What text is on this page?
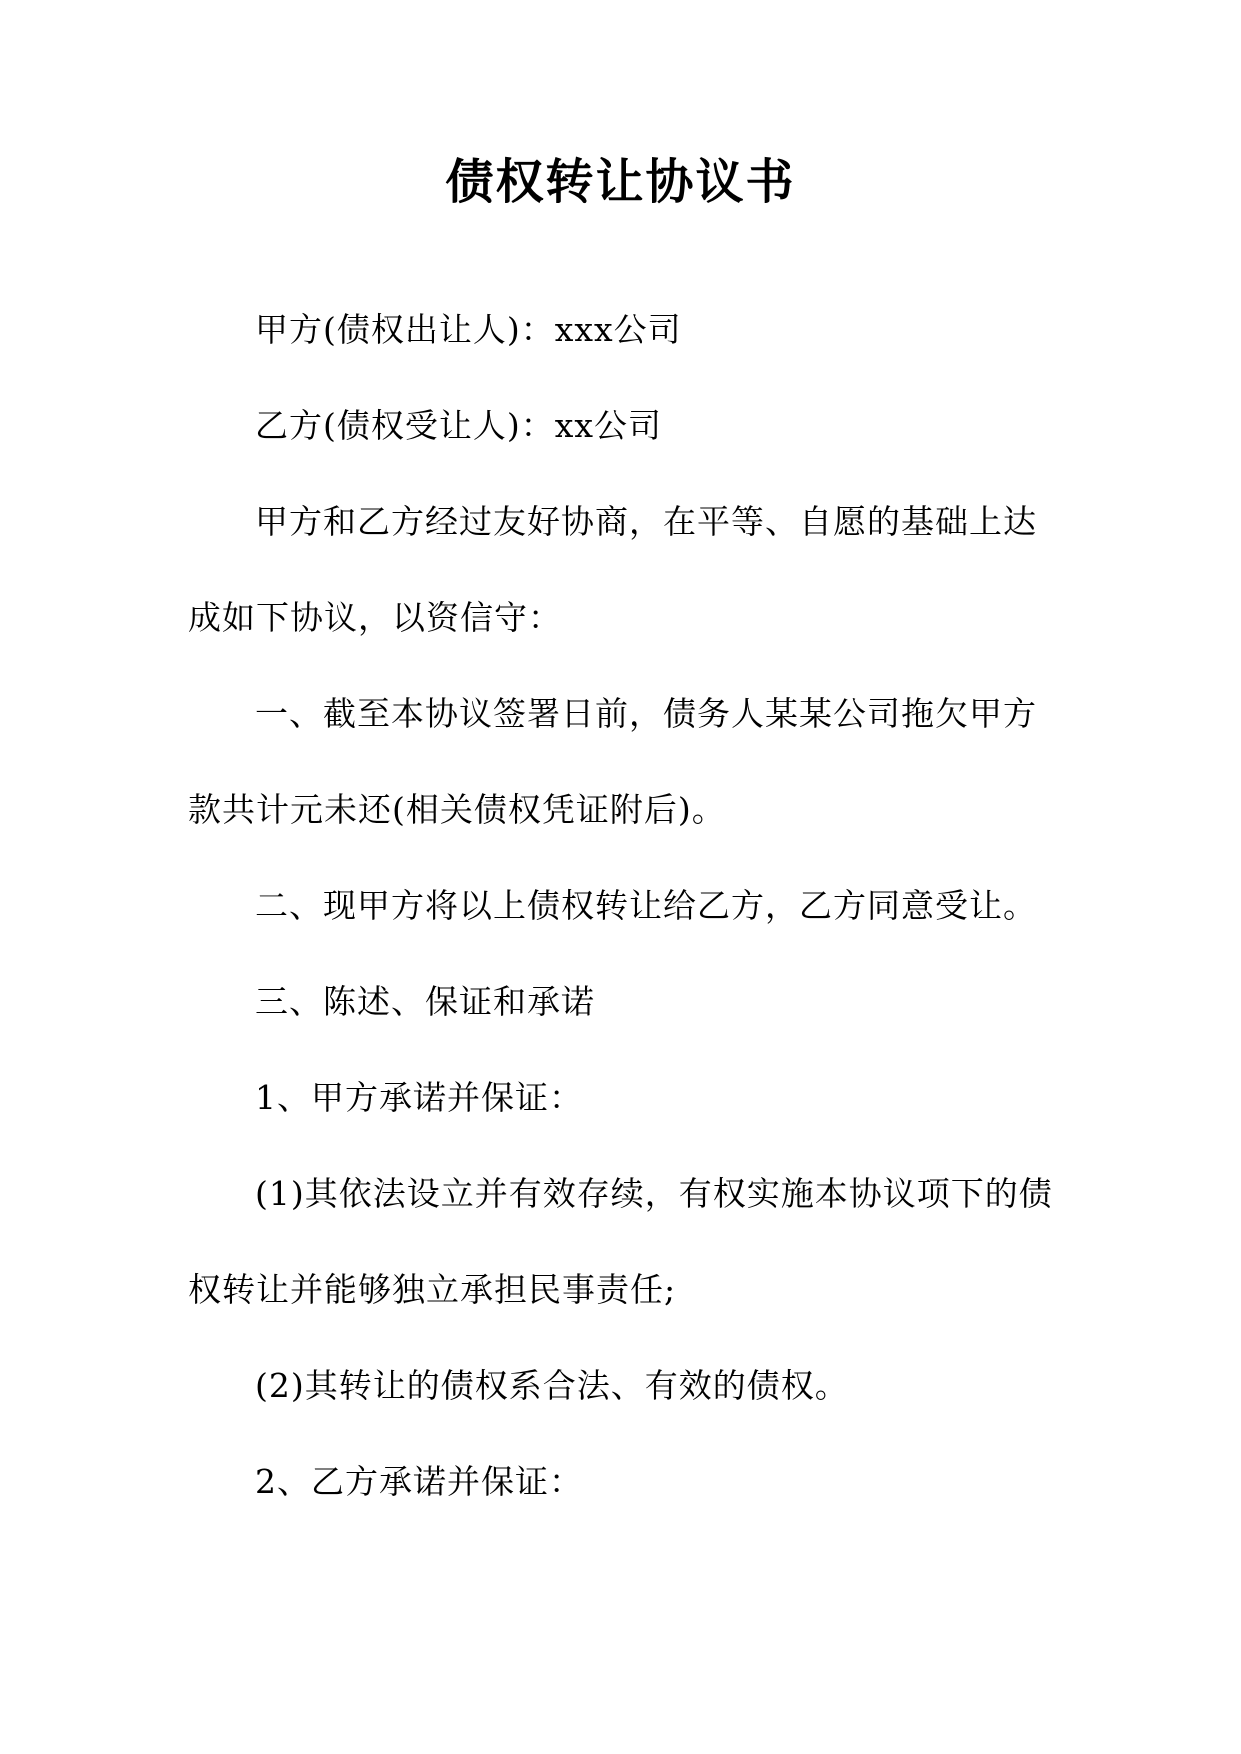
债权转让协议书
甲方(债权出让人)：xxx公司
乙方(债权受让人)：xx公司
甲方和乙方经过友好协商，在平等、自愿的基础上达
成如下协议，以资信守：
一、截至本协议签署日前，债务人某某公司拖欠甲方
款共计元未还(相关债权凭证附后)。
二、现甲方将以上债权转让给乙方，乙方同意受让。
三、陈述、保证和承诺
1、甲方承诺并保证：
(1)其依法设立并有效存续，有权实施本协议项下的债
权转让并能够独立承担民事责任;
(2)其转让的债权系合法、有效的债权。
2、乙方承诺并保证：
